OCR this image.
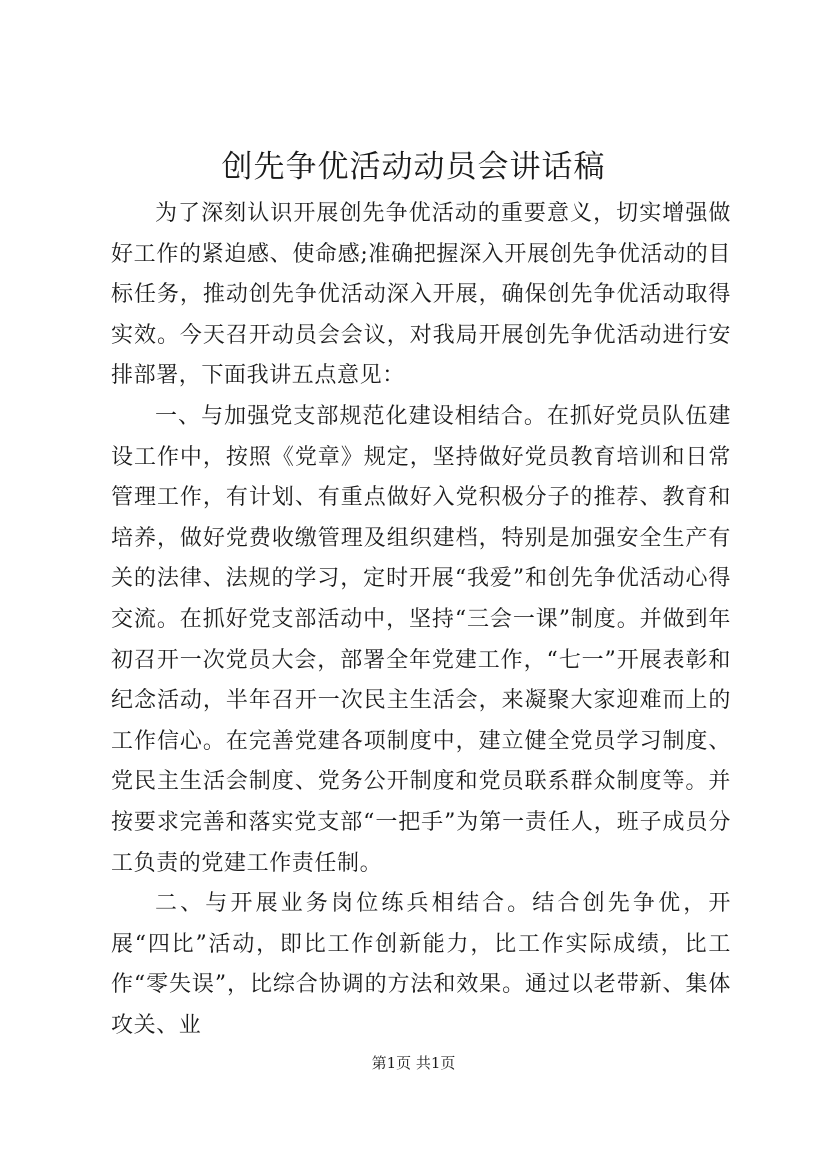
创先争优活动动员会讲话稿

为了深刻认识开展创先争优活动的重要意义，切实增强做好工作的紧迫感、使命感;准确把握深入开展创先争优活动的目标任务，推动创先争优活动深入开展，确保创先争优活动取得实效。今天召开动员会会议，对我局开展创先争优活动进行安排部署，下面我讲五点意见：

一、与加强党支部规范化建设相结合。在抓好党员队伍建设工作中，按照《党章》规定，坚持做好党员教育培训和日常管理工作，有计划、有重点做好入党积极分子的推荐、教育和培养，做好党费收缴管理及组织建档，特别是加强安全生产有关的法律、法规的学习，定时开展“我爱”和创先争优活动心得交流。在抓好党支部活动中，坚持“三会一课”制度。并做到年初召开一次党员大会，部署全年党建工作，“七一”开展表彰和纪念活动，半年召开一次民主生活会，来凝聚大家迎难而上的工作信心。在完善党建各项制度中，建立健全党员学习制度、党民主生活会制度、党务公开制度和党员联系群众制度等。并按要求完善和落实党支部“一把手”为第一责任人，班子成员分工负责的党建工作责任制。

二、与开展业务岗位练兵相结合。结合创先争优，开展“四比”活动，即比工作创新能力，比工作实际成绩，比工作“零失误”，比综合协调的方法和效果。通过以老带新、集体攻关、业

第1页 共1页
